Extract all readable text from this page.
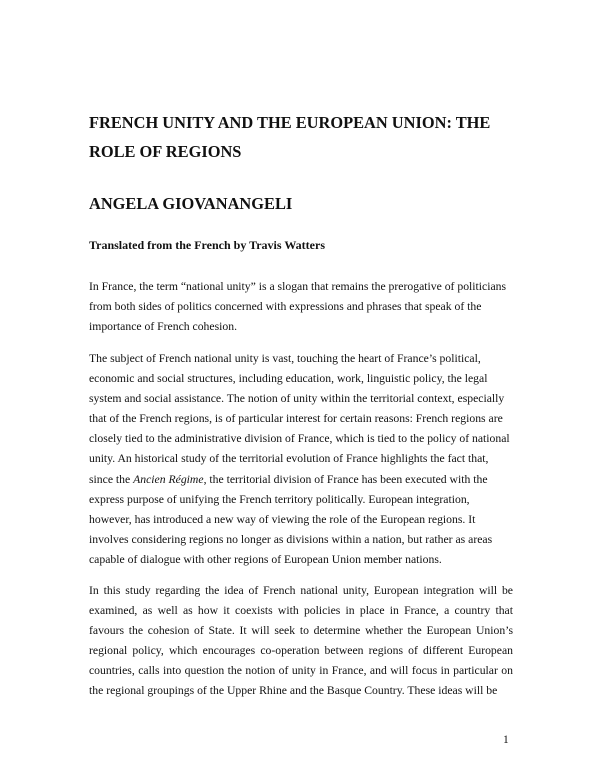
FRENCH UNITY AND THE EUROPEAN UNION: THE ROLE OF REGIONS
ANGELA GIOVANANGELI
Translated from the French by Travis Watters
In France, the term “national unity” is a slogan that remains the prerogative of politicians from both sides of politics concerned with expressions and phrases that speak of the importance of French cohesion.
The subject of French national unity is vast, touching the heart of France’s political, economic and social structures, including education, work, linguistic policy, the legal system and social assistance. The notion of unity within the territorial context, especially that of the French regions, is of particular interest for certain reasons: French regions are closely tied to the administrative division of France, which is tied to the policy of national unity. An historical study of the territorial evolution of France highlights the fact that, since the Ancien Régime, the territorial division of France has been executed with the express purpose of unifying the French territory politically. European integration, however, has introduced a new way of viewing the role of the European regions. It involves considering regions no longer as divisions within a nation, but rather as areas capable of dialogue with other regions of European Union member nations.
In this study regarding the idea of French national unity, European integration will be examined, as well as how it coexists with policies in place in France, a country that favours the cohesion of State. It will seek to determine whether the European Union’s regional policy, which encourages co-operation between regions of different European countries, calls into question the notion of unity in France, and will focus in particular on the regional groupings of the Upper Rhine and the Basque Country. These ideas will be
1
